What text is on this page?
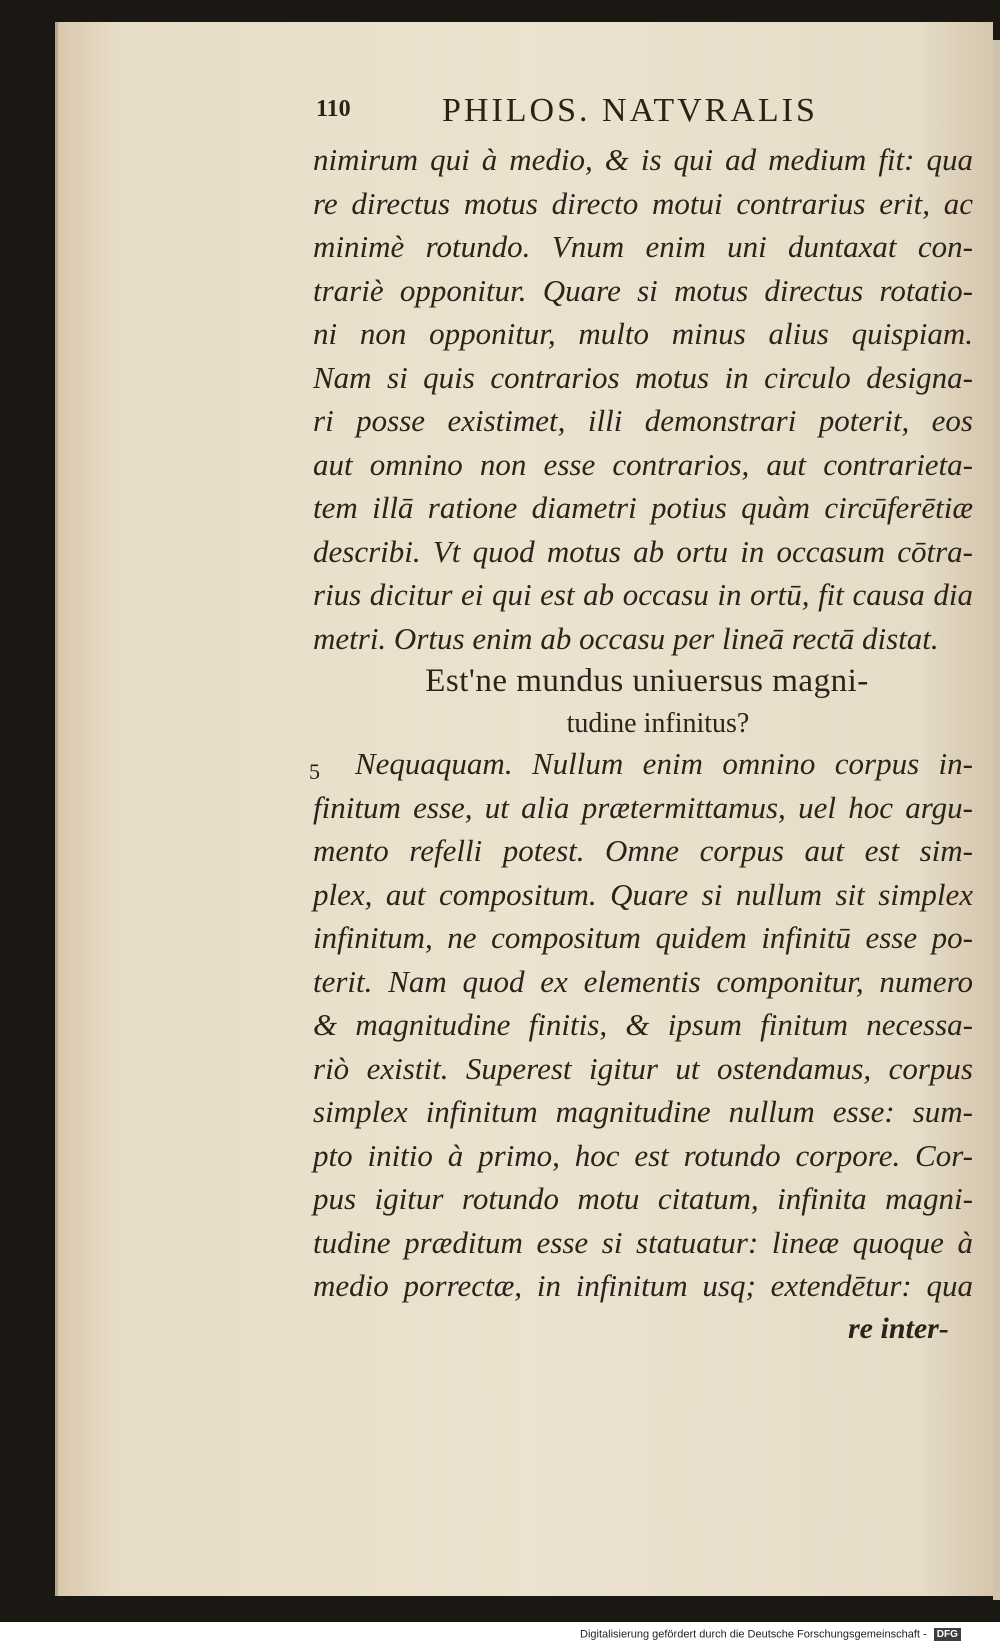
110	PHILOS. NATVRALIS
nimirum qui à medio, & is qui ad medium fit: qua
re directus motus directo motui contrarius erit, ac
minimè rotundo. Vnum enim uni duntaxat con-
trariè opponitur. Quare si motus directus rotatio-
ni non opponitur, multo minus alius quispiam.
Nam si quis contrarios motus in circulo designa-
ri posse existimet, illi demonstrari poterit, eos
aut omnino non esse contrarios, aut contrarieta-
tem illā ratione diametri potius quàm circūferētiæ
describi. Vt quod motus ab ortu in occasum cōtra-
rius dicitur ei qui est ab occasu in ortū, fit causa dia
metri. Ortus enim ab occasu per lineā rectā distat.
Est'ne mundus uniuersus magni-
tudine infinitus?
5	Nequaquam. Nullum enim omnino corpus in-
finitum esse, ut alia prætermittamus, uel hoc argu-
mento refelli potest. Omne corpus aut est sim-
plex, aut compositum. Quare si nullum sit simplex
infinitum, ne compositum quidem infinitū esse po-
terit. Nam quod ex elementis componitur, numero
& magnitudine finitis, & ipsum finitum necessa-
riò existit. Superest igitur ut ostendamus, corpus
simplex infinitum magnitudine nullum esse: sum-
pto initio à primo, hoc est rotundo corpore. Cor-
pus igitur rotundo motu citatum, infinita magni-
tudine præditum esse si statuatur: lineæ quoque à
medio porrectæ, in infinitum usq; extendētur: qua
re inter-
Digitalisierung gefördert durch die Deutsche Forschungsgemeinschaft - DFG
